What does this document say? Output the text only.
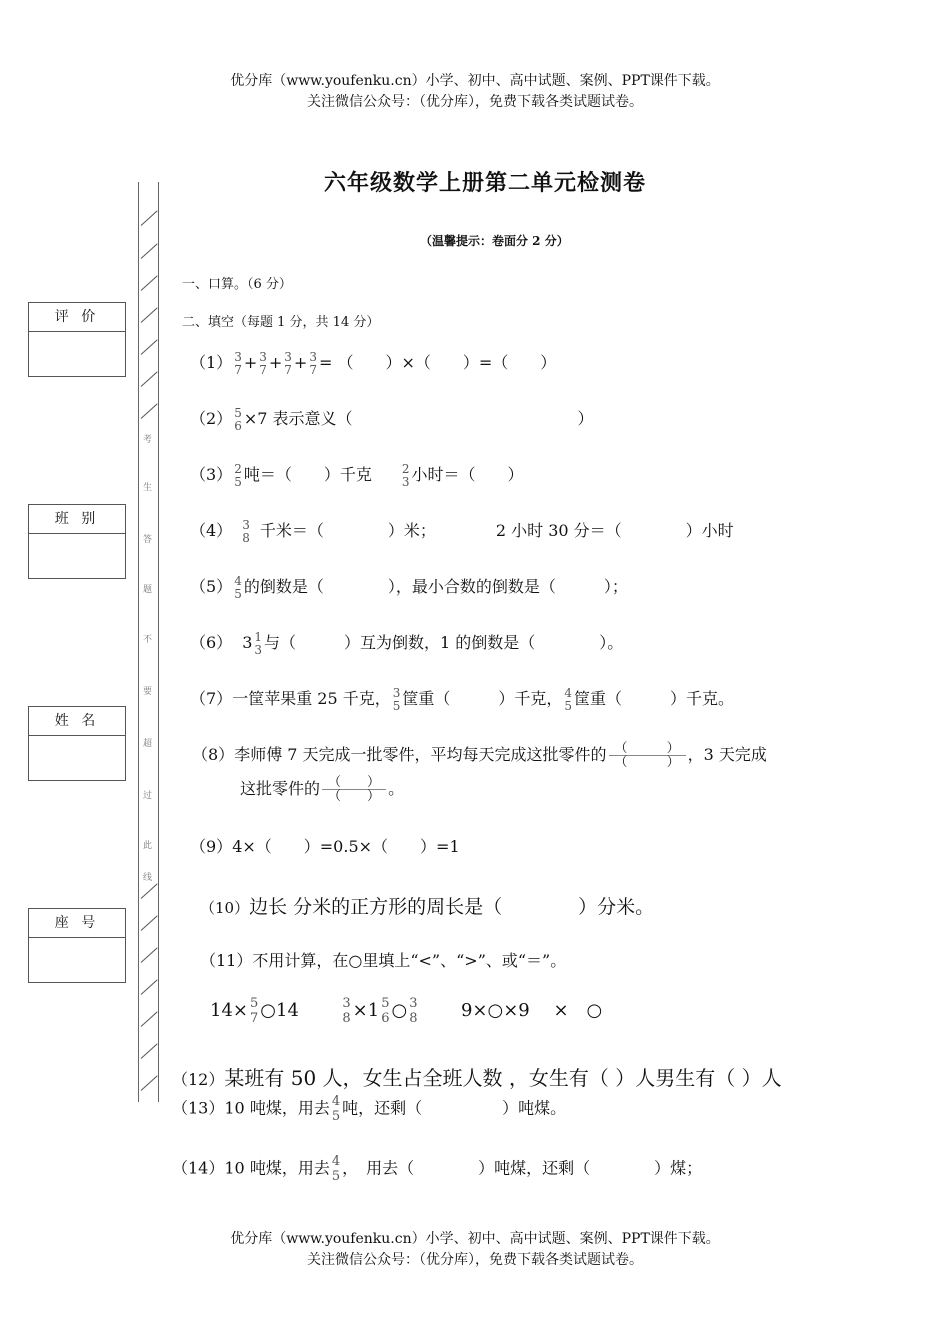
优分库（www.youfenku.cn）小学、初中、高中试题、案例、PPT课件下载。
关注微信公众号：（优分库），免费下载各类试题试卷。
考
生
答
题
不
要
超
过
此
线
评 价
班 别
姓 名
座 号
六年级数学上册第二单元检测卷
（温馨提示：卷面分 2 分）
一、口算。（6 分）
二、填空（每题 1 分，共 14 分）
（1） 3
7 + 3
7 + 3
7 + 3
7 = （　　）×（　　）=（　　）
（2） 5
6 ×7 表示意义（	）
（3） 2
5 吨＝（　　）千克	2
3 小时＝（　　）
（4） 3
8 千米＝（　　　　）米；	2 小时 30 分＝（　　　　）小时
（5） 4
5 的倒数是（　　　　），最小合数的倒数是（　　　）；
（6） 3 1
3 与（　　　）互为倒数，1 的倒数是（　　　　）。
（7）一筐苹果重 25 千克， 3
5 筐重（　　　）千克， 4
5 筐重（　　　）千克。
（8）李师傅 7 天完成一批零件，平均每天完成这批零件的 （　　　	）
（　　　	） ，3 天完成
这批零件的 （　　 ）
（　　 ） 。
（9）4×（　　）=0.5×（　　）=1
（10）边长 分米的正方形的周长是（　　　　）分米。
（11）不用计算，在○里填上“<”、“>”、或“＝”。
14× 5
7 ○14	3
8 ×1 5
6 ○ 3
8 9×○×9　 ×　○
（12）某班有 50 人，女生占全班人数 ，女生有（ ）人男生有（ ）人
（13）10 吨煤，用去 4
5 吨，还剩（　　　　　）吨煤。
（14）10 吨煤，用去 4
5 ，　用去（　　　　）吨煤，还剩（　　　　）煤；
优分库（www.youfenku.cn）小学、初中、高中试题、案例、PPT课件下载。
关注微信公众号：（优分库），免费下载各类试题试卷。
